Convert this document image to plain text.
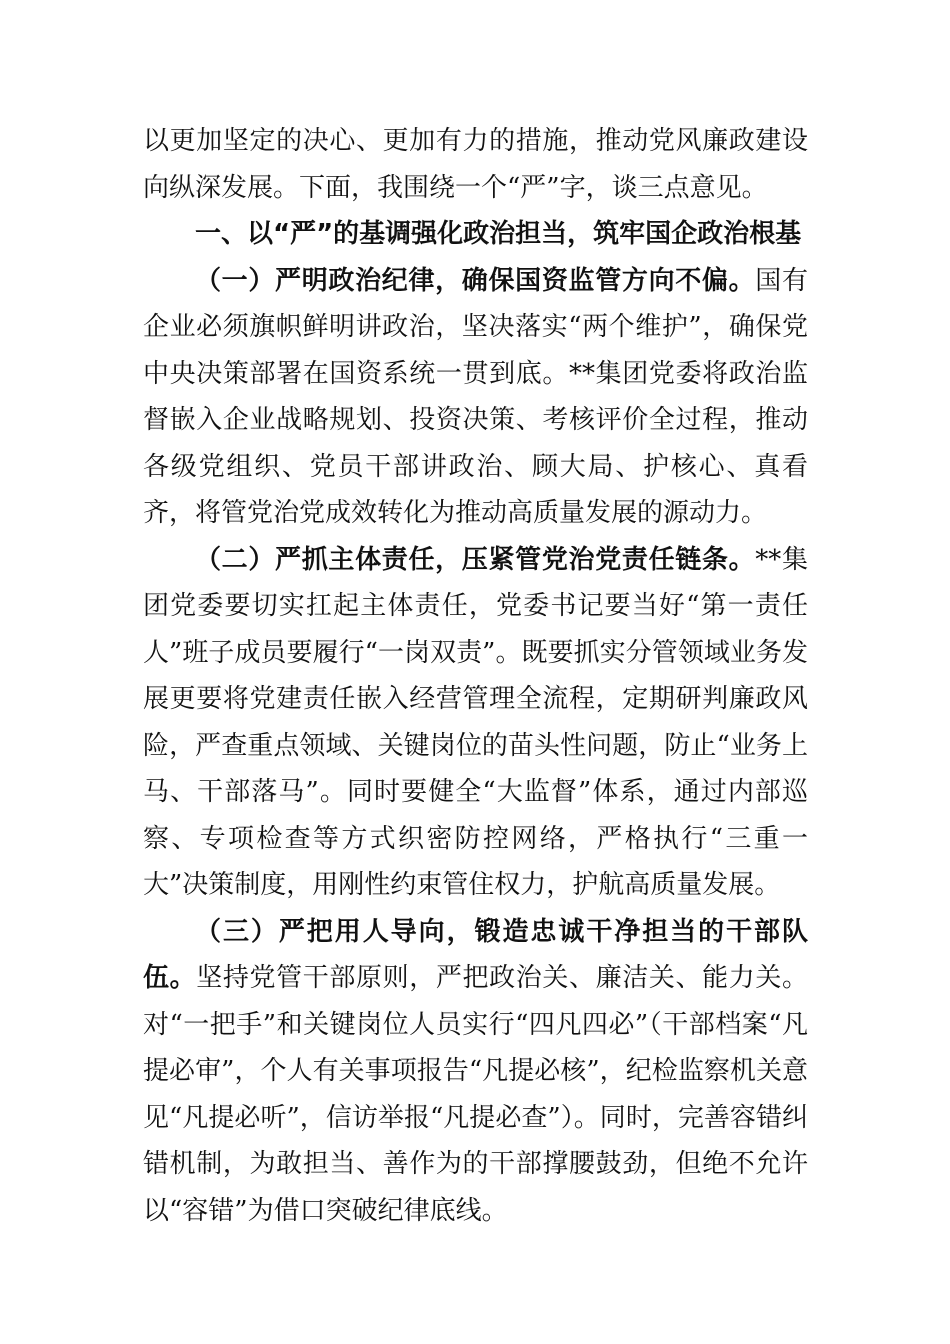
以更加坚定的决心、更加有力的措施，推动党风廉政建设向纵深发展。下面，我围绕一个“严”字，谈三点意见。

一、以“严”的基调强化政治担当，筑牢国企政治根基

（一）严明政治纪律，确保国资监管方向不偏。国有企业必须旗帜鲜明讲政治，坚决落实“两个维护”，确保党中央决策部署在国资系统一贯到底。**集团党委将政治监督嵌入企业战略规划、投资决策、考核评价全过程，推动各级党组织、党员干部讲政治、顾大局、护核心、真看齐，将管党治党成效转化为推动高质量发展的源动力。

（二）严抓主体责任，压紧管党治党责任链条。**集团党委要切实扛起主体责任，党委书记要当好“第一责任人”班子成员要履行“一岗双责”。既要抓实分管领域业务发展更要将党建责任嵌入经营管理全流程，定期研判廉政风险，严查重点领域、关键岗位的苗头性问题，防止“业务上马、干部落马”。同时要健全“大监督”体系，通过内部巡察、专项检查等方式织密防控网络，严格执行“三重一大”决策制度，用刚性约束管住权力，护航高质量发展。

（三）严把用人导向，锻造忠诚干净担当的干部队伍。坚持党管干部原则，严把政治关、廉洁关、能力关。对“一把手”和关键岗位人员实行“四凡四必”（干部档案“凡提必审”，个人有关事项报告“凡提必核”，纪检监察机关意见“凡提必听”，信访举报“凡提必查”）。同时，完善容错纠错机制，为敢担当、善作为的干部撑腰鼓劲，但绝不允许以“容错”为借口突破纪律底线。
